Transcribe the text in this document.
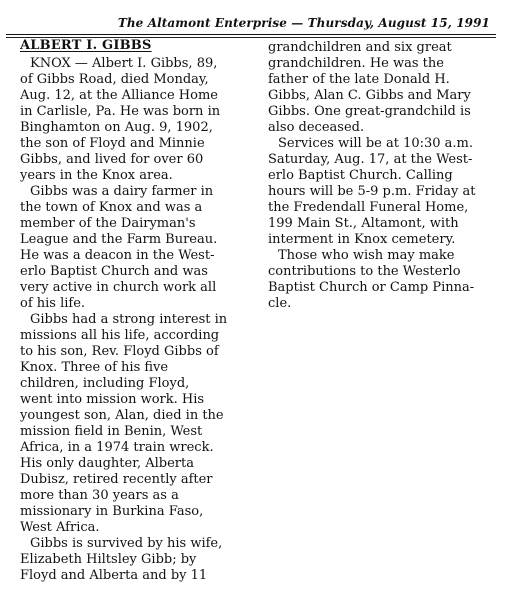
The Altamont Enterprise — Thursday, August 15, 1991
ALBERT I. GIBBS
KNOX — Albert I. Gibbs, 89,
of Gibbs Road, died Monday,
Aug. 12, at the Alliance Home
in Carlisle, Pa. He was born in
Binghamton on Aug. 9, 1902,
the son of Floyd and Minnie
Gibbs, and lived for over 60
years in the Knox area.
Gibbs was a dairy farmer in
the town of Knox and was a
member of the Dairyman's
League and the Farm Bureau.
He was a deacon in the West-
erlo Baptist Church and was
very active in church work all
of his life.
Gibbs had a strong interest in
missions all his life, according
to his son, Rev. Floyd Gibbs of
Knox. Three of his five
children, including Floyd,
went into mission work. His
youngest son, Alan, died in the
mission field in Benin, West
Africa, in a 1974 train wreck.
His only daughter, Alberta
Dubisz, retired recently after
more than 30 years as a
missionary in Burkina Faso,
West Africa.
Gibbs is survived by his wife,
Elizabeth Hiltsley Gibb; by
Floyd and Alberta and by 11
grandchildren and six great
grandchildren. He was the
father of the late Donald H.
Gibbs, Alan C. Gibbs and Mary
Gibbs. One great-grandchild is
also deceased.
Services will be at 10:30 a.m.
Saturday, Aug. 17, at the West-
erlo Baptist Church. Calling
hours will be 5-9 p.m. Friday at
the Fredendall Funeral Home,
199 Main St., Altamont, with
interment in Knox cemetery.
Those who wish may make
contributions to the Westerlo
Baptist Church or Camp Pinna-
cle.
